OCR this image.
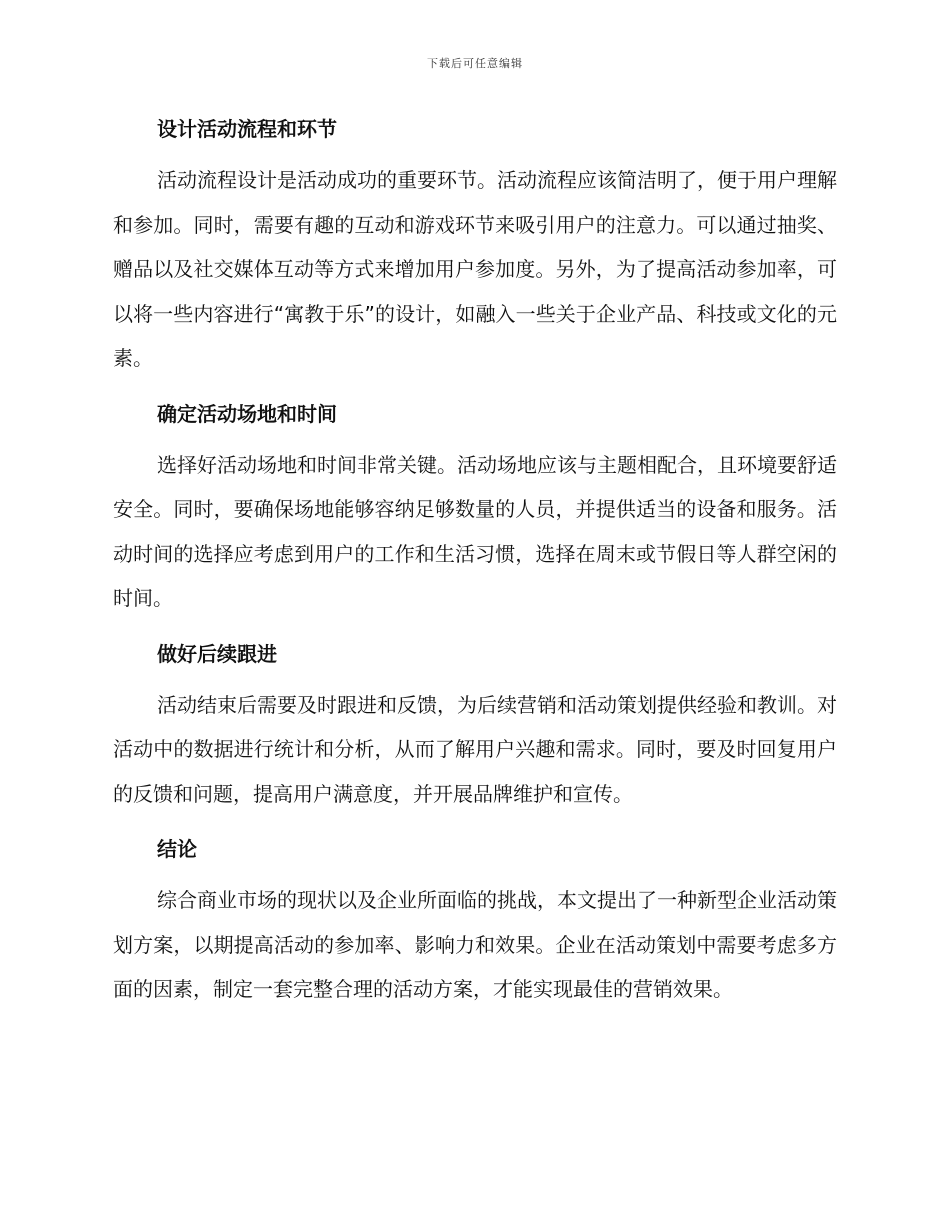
下载后可任意编辑
设计活动流程和环节

活动流程设计是活动成功的重要环节。活动流程应该简洁明了，便于用户理解和参加。同时，需要有趣的互动和游戏环节来吸引用户的注意力。可以通过抽奖、赠品以及社交媒体互动等方式来增加用户参加度。另外，为了提高活动参加率，可以将一些内容进行“寓教于乐”的设计，如融入一些关于企业产品、科技或文化的元素。

确定活动场地和时间

选择好活动场地和时间非常关键。活动场地应该与主题相配合，且环境要舒适安全。同时，要确保场地能够容纳足够数量的人员，并提供适当的设备和服务。活动时间的选择应考虑到用户的工作和生活习惯，选择在周末或节假日等人群空闲的时间。

做好后续跟进

活动结束后需要及时跟进和反馈，为后续营销和活动策划提供经验和教训。对活动中的数据进行统计和分析，从而了解用户兴趣和需求。同时，要及时回复用户的反馈和问题，提高用户满意度，并开展品牌维护和宣传。

结论

综合商业市场的现状以及企业所面临的挑战，本文提出了一种新型企业活动策划方案，以期提高活动的参加率、影响力和效果。企业在活动策划中需要考虑多方面的因素，制定一套完整合理的活动方案，才能实现最佳的营销效果。
